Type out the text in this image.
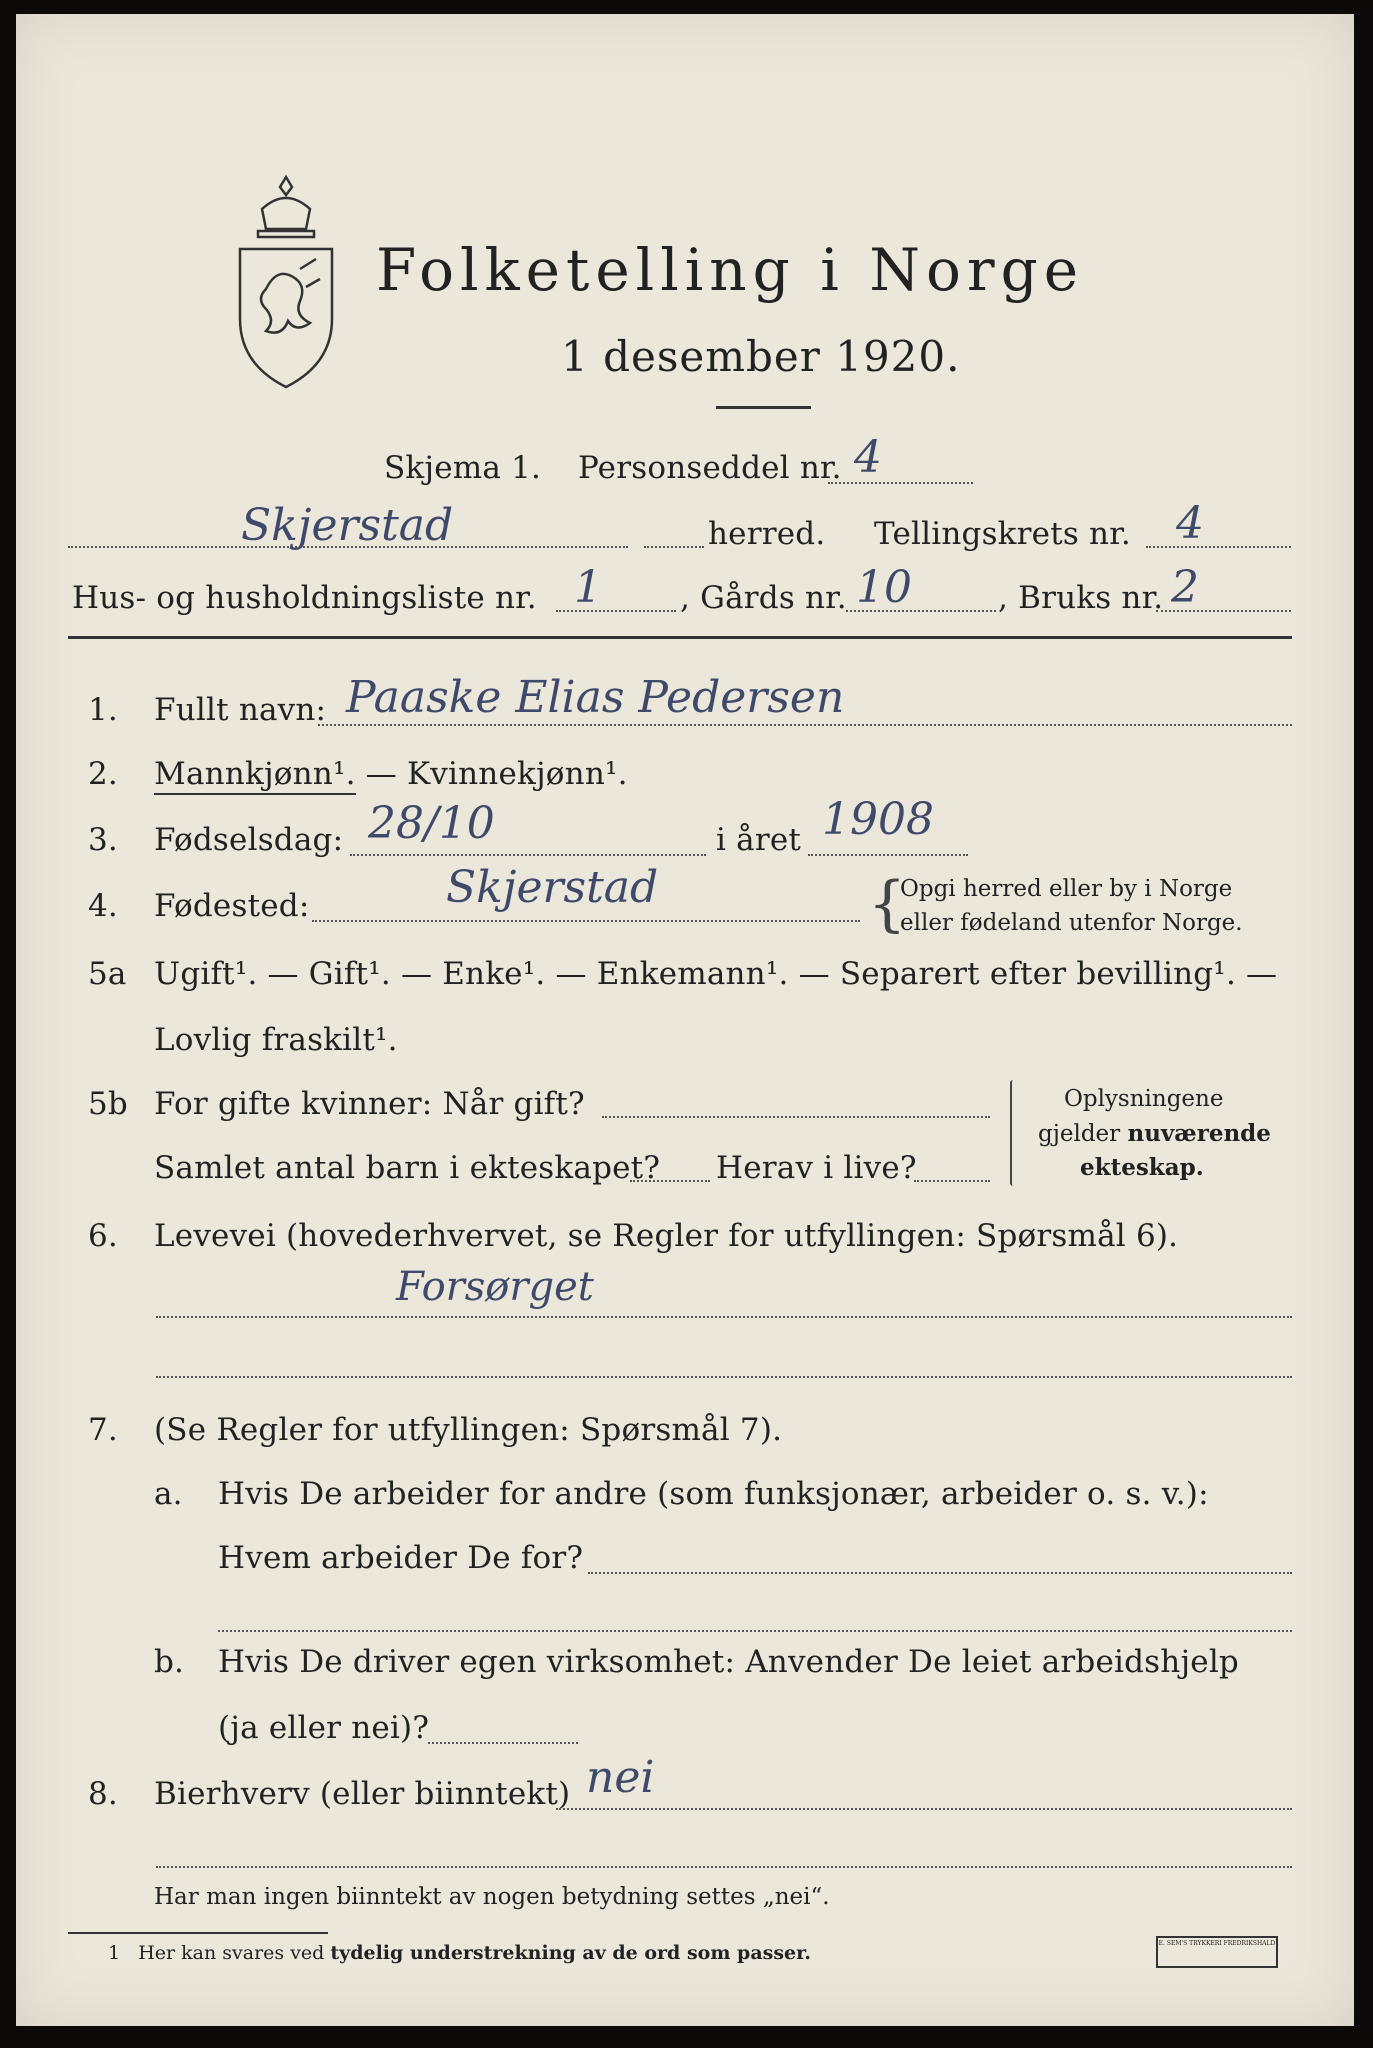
Folketelling i Norge
1 desember 1920.
Skjema 1. Personseddel nr. 4
Skjerstad	herred. Tellingskrets nr. 4
Hus- og husholdningsliste nr. 1	, Gårds nr. 10	, Bruks nr. 2
1. Fullt navn: Paaske Elias Pedersen
2. Mannkjønn¹. — Kvinnekjønn¹.
3. Fødselsdag: 28/10	i året 1908
4. Fødested:	Skjerstad	{
Opgi herred eller by i Norge
eller fødeland utenfor Norge.
5a Ugift¹. — Gift¹. — Enke¹. — Enkemann¹. — Separert efter bevilling¹. —
Lovlig fraskilt¹.
5b For gifte kvinner: Når gift?
Samlet antal barn i ekteskapet? Herav i live?
Oplysningene
gjelder nuværende
ekteskap.
6. Levevei (hovederhvervet, se Regler for utfyllingen: Spørsmål 6).
Forsørget
7. (Se Regler for utfyllingen: Spørsmål 7).
a. Hvis De arbeider for andre (som funksjonær, arbeider o. s. v.):
Hvem arbeider De for?
b. Hvis De driver egen virksomhet: Anvender De leiet arbeidshjelp
(ja eller nei)?
8. Bierhverv (eller biinntekt) nei
Har man ingen biinntekt av nogen betydning settes „nei“.
1 Her kan svares ved tydelig understrekning av de ord som passer.	E. SEM'S TRYKKERI FREDRIKSHALD
